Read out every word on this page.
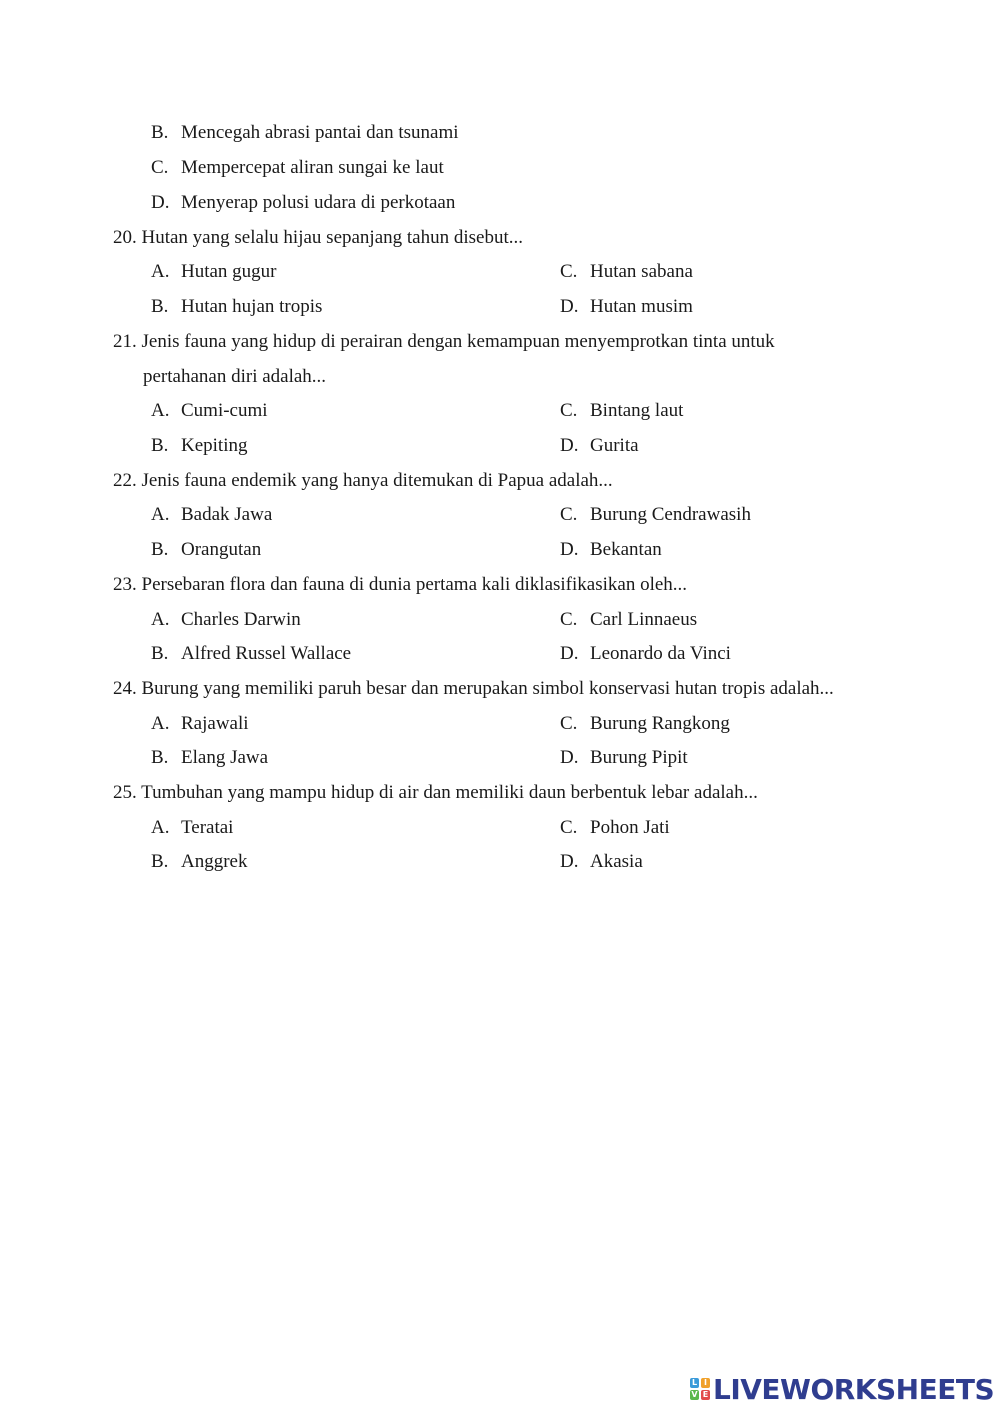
B. Mencegah abrasi pantai dan tsunami
C. Mempercepat aliran sungai ke laut
D. Menyerap polusi udara di perkotaan
20. Hutan yang selalu hijau sepanjang tahun disebut...
A. Hutan gugur	C. Hutan sabana
B. Hutan hujan tropis	D. Hutan musim
21. Jenis fauna yang hidup di perairan dengan kemampuan menyemprotkan tinta untuk
pertahanan diri adalah...
A. Cumi-cumi	C. Bintang laut
B. Kepiting	D. Gurita
22. Jenis fauna endemik yang hanya ditemukan di Papua adalah...
A. Badak Jawa	C. Burung Cendrawasih
B. Orangutan	D. Bekantan
23. Persebaran flora dan fauna di dunia pertama kali diklasifikasikan oleh...
A. Charles Darwin	C. Carl Linnaeus
B. Alfred Russel Wallace	D. Leonardo da Vinci
24. Burung yang memiliki paruh besar dan merupakan simbol konservasi hutan tropis adalah...
A. Rajawali	C. Burung Rangkong
B. Elang Jawa	D. Burung Pipit
25. Tumbuhan yang mampu hidup di air dan memiliki daun berbentuk lebar adalah...
A. Teratai	C. Pohon Jati
B. Anggrek	D. Akasia
L I
V E LIVEWORKSHEETS
